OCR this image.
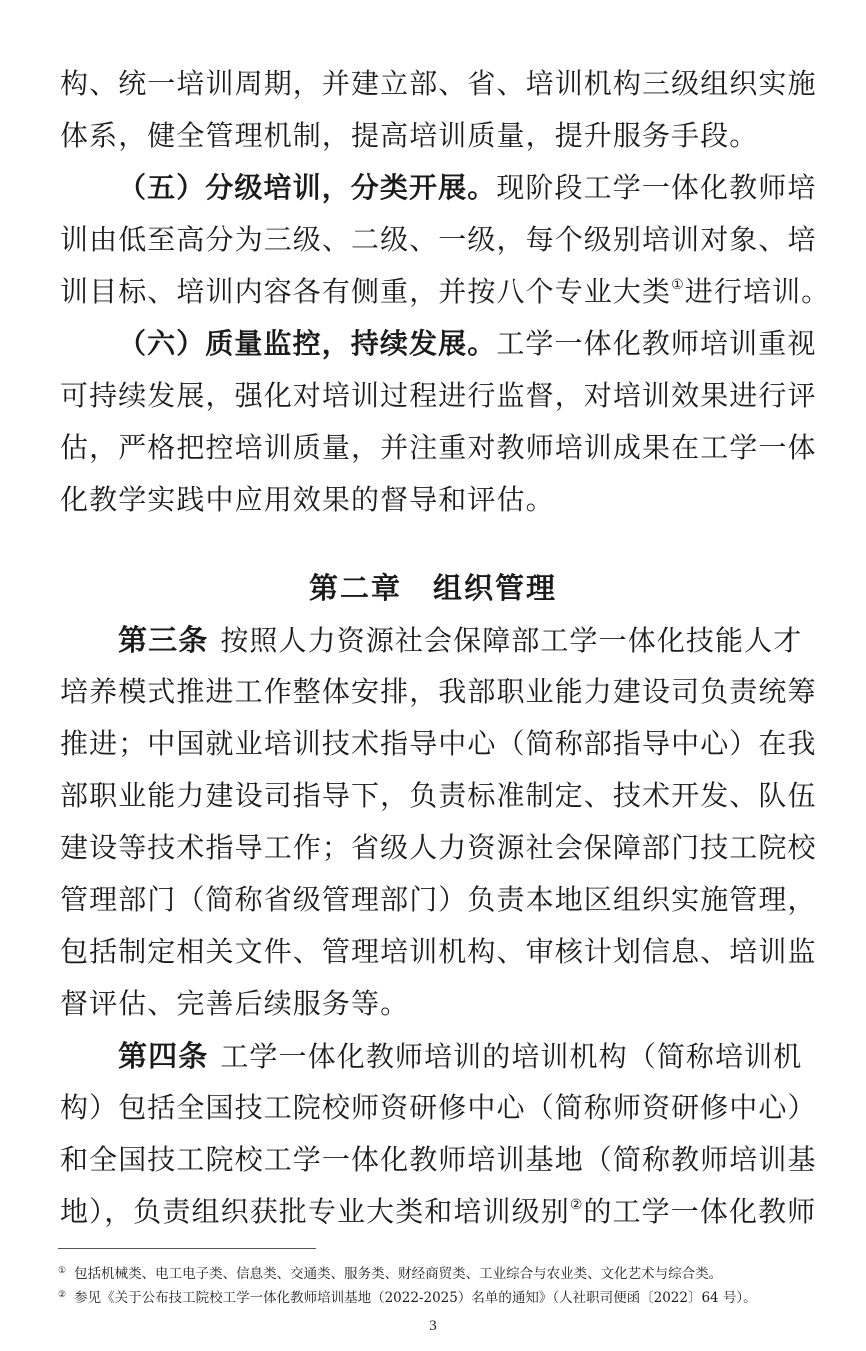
构、统一培训周期，并建立部、省、培训机构三级组织实施
体系，健全管理机制，提高培训质量，提升服务手段。
（五）分级培训，分类开展。现阶段工学一体化教师培
训由低至高分为三级、二级、一级，每个级别培训对象、培
训目标、培训内容各有侧重，并按八个专业大类①进行培训。
（六）质量监控，持续发展。工学一体化教师培训重视
可持续发展，强化对培训过程进行监督，对培训效果进行评
估，严格把控培训质量，并注重对教师培训成果在工学一体
化教学实践中应用效果的督导和评估。
第二章　组织管理
第三条 按照人力资源社会保障部工学一体化技能人才
培养模式推进工作整体安排，我部职业能力建设司负责统筹
推进；中国就业培训技术指导中心（简称部指导中心）在我
部职业能力建设司指导下，负责标准制定、技术开发、队伍
建设等技术指导工作；省级人力资源社会保障部门技工院校
管理部门（简称省级管理部门）负责本地区组织实施管理，
包括制定相关文件、管理培训机构、审核计划信息、培训监
督评估、完善后续服务等。
第四条 工学一体化教师培训的培训机构（简称培训机
构）包括全国技工院校师资研修中心（简称师资研修中心）
和全国技工院校工学一体化教师培训基地（简称教师培训基
地），负责组织获批专业大类和培训级别②的工学一体化教师
① 包括机械类、电工电子类、信息类、交通类、服务类、财经商贸类、工业综合与农业类、文化艺术与综合类。
② 参见《关于公布技工院校工学一体化教师培训基地（2022-2025）名单的通知》（人社职司便函〔2022〕64 号）。
3
